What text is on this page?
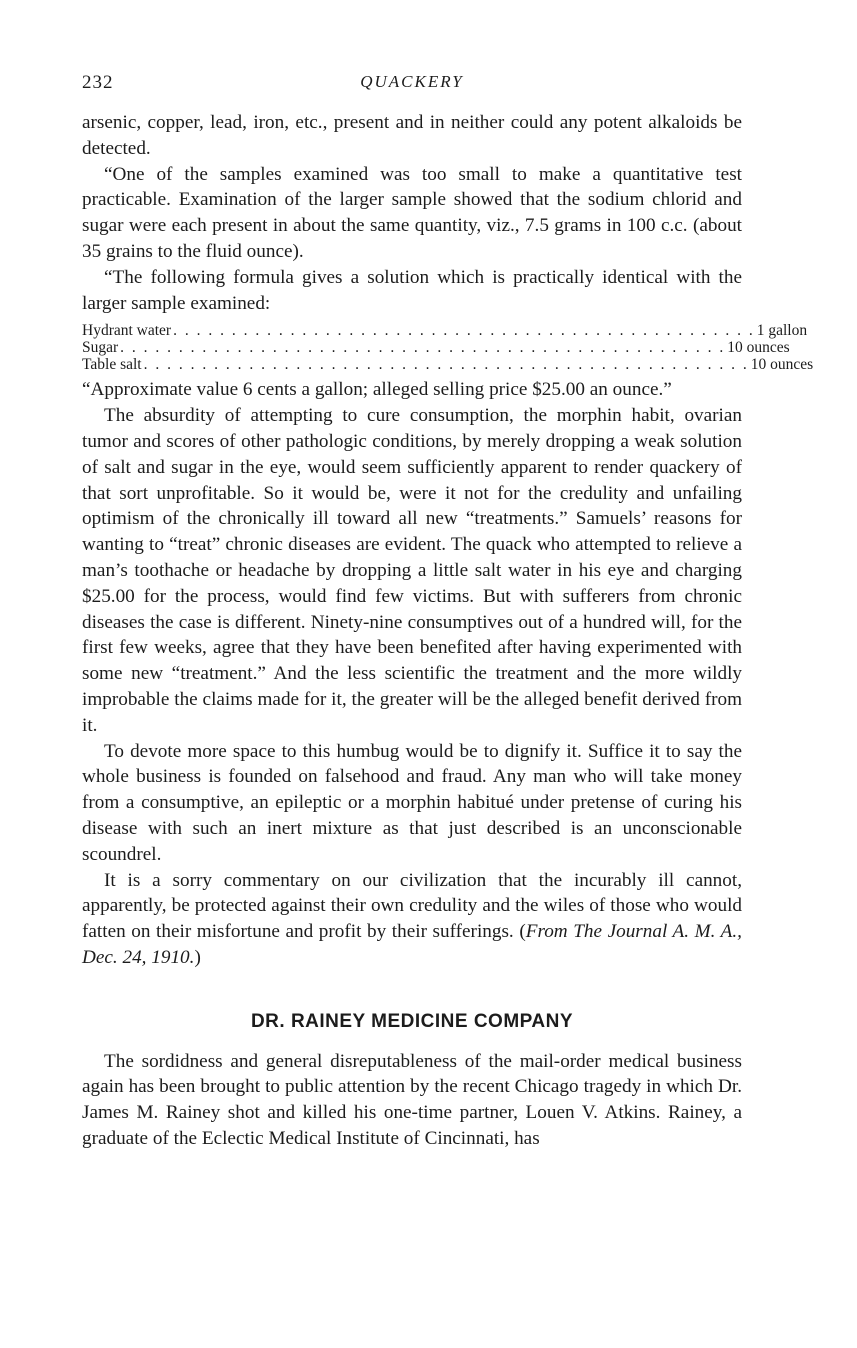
232	QUACKERY

arsenic, copper, lead, iron, etc., present and in neither could any potent alkaloids be detected.

“One of the samples examined was too small to make a quantitative test practicable. Examination of the larger sample showed that the sodium chlorid and sugar were each present in about the same quantity, viz., 7.5 grams in 100 c.c. (about 35 grains to the fluid ounce).

“The following formula gives a solution which is practically identical with the larger sample examined:

Hydrant water . . . . . . . . . . . . . . . . . . . . . . . . . . . . . . . . . . . . . . . . . . . . . . . . . . 1 gallon
Sugar . . . . . . . . . . . . . . . . . . . . . . . . . . . . . . . . . . . . . . . . . . . . . . . . . . . . 10 ounces
Table salt . . . . . . . . . . . . . . . . . . . . . . . . . . . . . . . . . . . . . . . . . . . . . . . . . . . . 10 ounces

“Approximate value 6 cents a gallon; alleged selling price $25.00 an ounce.”

The absurdity of attempting to cure consumption, the morphin habit, ovarian tumor and scores of other pathologic conditions, by merely dropping a weak solution of salt and sugar in the eye, would seem sufficiently apparent to render quackery of that sort unprofitable. So it would be, were it not for the credulity and unfailing optimism of the chronically ill toward all new “treatments.” Samuels’ reasons for wanting to “treat” chronic diseases are evident. The quack who attempted to relieve a man’s toothache or headache by dropping a little salt water in his eye and charging $25.00 for the process, would find few victims. But with sufferers from chronic diseases the case is different. Ninety-nine consumptives out of a hundred will, for the first few weeks, agree that they have been benefited after having experimented with some new “treatment.” And the less scientific the treatment and the more wildly improbable the claims made for it, the greater will be the alleged benefit derived from it.

To devote more space to this humbug would be to dignify it. Suffice it to say the whole business is founded on falsehood and fraud. Any man who will take money from a consumptive, an epileptic or a morphin habitué under pretense of curing his disease with such an inert mixture as that just described is an unconscionable scoundrel.

It is a sorry commentary on our civilization that the incurably ill cannot, apparently, be protected against their own credulity and the wiles of those who would fatten on their misfortune and profit by their sufferings. (From The Journal A. M. A., Dec. 24, 1910.)

DR. RAINEY MEDICINE COMPANY

The sordidness and general disreputableness of the mail-order medical business again has been brought to public attention by the recent Chicago tragedy in which Dr. James M. Rainey shot and killed his one-time partner, Louen V. Atkins. Rainey, a graduate of the Eclectic Medical Institute of Cincinnati, has
